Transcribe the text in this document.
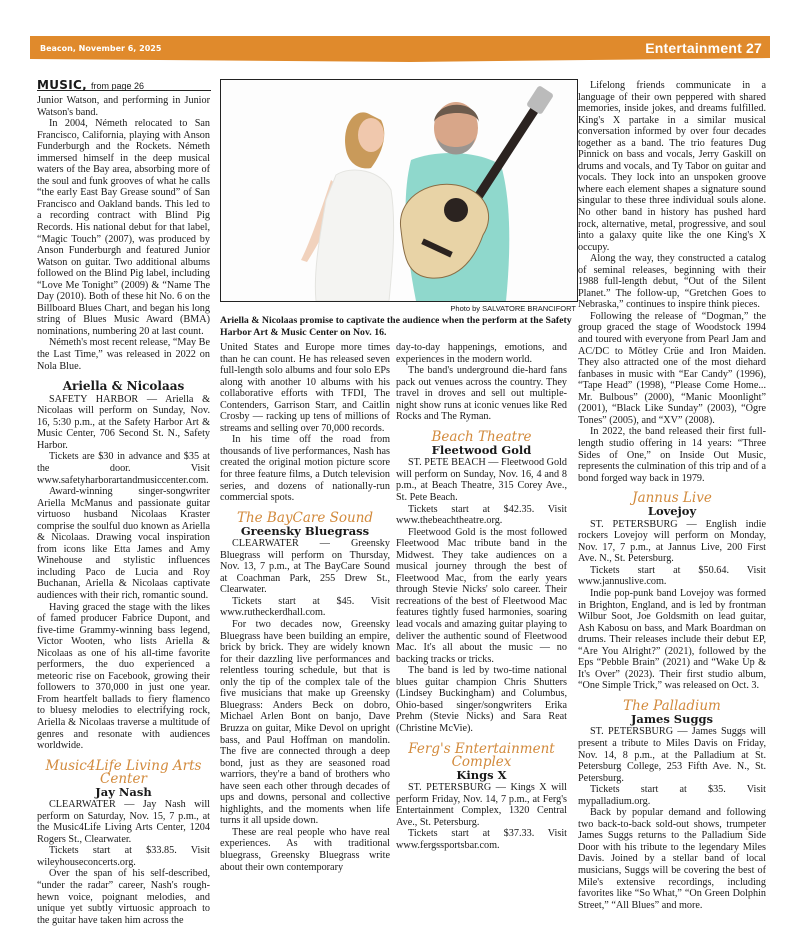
Beacon, November 6, 2025	Entertainment 27
MUSIC, from page 26

Junior Watson, and performing in Junior Watson's band.

In 2004, Németh relocated to San Francisco, California, playing with Anson Funderburgh and the Rockets. Németh immersed himself in the deep musical waters of the Bay area, absorbing more of the soul and funk grooves of what he calls “the early East Bay Grease sound” of San Francisco and Oakland bands. This led to a recording contract with Blind Pig Records. His national debut for that label, “Magic Touch” (2007), was produced by Anson Funderburgh and featured Junior Watson on guitar. Two additional albums followed on the Blind Pig label, including “Love Me Tonight” (2009) & “Name The Day (2010). Both of these hit No. 6 on the Billboard Blues Chart, and began his long string of Blues Music Award (BMA) nominations, numbering 20 at last count.

Németh's most recent release, “May Be the Last Time,” was released in 2022 on Nola Blue.

Ariella & Nicolaas

SAFETY HARBOR — Ariella & Nicolaas will perform on Sunday, Nov. 16, 5:30 p.m., at the Safety Harbor Art & Music Center, 706 Second St. N., Safety Harbor.

Tickets are $30 in advance and $35 at the door. Visit www.safetyharborartandmusiccenter.com.

Award-winning singer-songwriter Ariella McManus and passionate guitar virtuoso husband Nicolaas Kraster comprise the soulful duo known as Ariella & Nicolaas. Drawing vocal inspiration from icons like Etta James and Amy Winehouse and stylistic influences including Paco de Lucia and Roy Buchanan, Ariella & Nicolaas captivate audiences with their rich, romantic sound.

Having graced the stage with the likes of famed producer Fabrice Dupont, and five-time Grammy-winning bass legend, Victor Wooten, who lists Ariella & Nicolaas as one of his all-time favorite performers, the duo experienced a meteoric rise on Facebook, growing their followers to 370,000 in just one year. From heartfelt ballads to fiery flamenco to bluesy melodies to electrifying rock, Ariella & Nicolaas traverse a multitude of genres and resonate with audiences worldwide.

Music4Life Living Arts Center
Jay Nash

CLEARWATER — Jay Nash will perform on Saturday, Nov. 15, 7 p.m., at the Music4Life Living Arts Center, 1204 Rogers St., Clearwater.

Tickets start at $33.85. Visit wileyhouseconcerts.org.

Over the span of his self-described, “under the radar” career, Nash's rough-hewn voice, poignant melodies, and unique yet subtly virtuosic approach to the guitar have taken him across the

United States and Europe more times than he can count. He has released seven full-length solo albums and four solo EPs along with another 10 albums with his collaborative efforts with TFDI, The Contenders, Garrison Starr, and Caitlin Crosby — racking up tens of millions of streams and selling over 70,000 records.

In his time off the road from thousands of live performances, Nash has created the original motion picture score for three feature films, a Dutch television series, and dozens of nationally-run commercial spots.

The BayCare Sound
Greensky Bluegrass

CLEARWATER — Greensky Bluegrass will perform on Thursday, Nov. 13, 7 p.m., at The BayCare Sound at Coachman Park, 255 Drew St., Clearwater.

Tickets start at $45. Visit www.rutheckerdhall.com.

For two decades now, Greensky Bluegrass have been building an empire, brick by brick. They are widely known for their dazzling live performances and relentless touring schedule, but that is only the tip of the complex tale of the five musicians that make up Greensky Bluegrass: Anders Beck on dobro, Michael Arlen Bont on banjo, Dave Bruzza on guitar, Mike Devol on upright bass, and Paul Hoffman on mandolin. The five are connected through a deep bond, just as they are seasoned road warriors, they're a band of brothers who have seen each other through decades of ups and downs, personal and collective highlights, and the moments when life turns it all upside down.

These are real people who have real experiences. As with traditional bluegrass, Greensky Bluegrass write about their own contemporary

day-to-day happenings, emotions, and experiences in the modern world.

The band's underground die-hard fans pack out venues across the country. They travel in droves and sell out multiple-night show runs at iconic venues like Red Rocks and The Ryman.

Beach Theatre
Fleetwood Gold

ST. PETE BEACH — Fleetwood Gold will perform on Sunday, Nov. 16, 4 and 8 p.m., at Beach Theatre, 315 Corey Ave., St. Pete Beach.

Tickets start at $42.35. Visit www.thebeachtheatre.org.

Fleetwood Gold is the most followed Fleetwood Mac tribute band in the Midwest. They take audiences on a musical journey through the best of Fleetwood Mac, from the early years through Stevie Nicks' solo career. Their recreations of the best of Fleetwood Mac features tightly fused harmonies, soaring lead vocals and amazing guitar playing to deliver the authentic sound of Fleetwood Mac. It's all about the music — no backing tracks or tricks.

The band is led by two-time national blues guitar champion Chris Shutters (Lindsey Buckingham) and Columbus, Ohio-based singer/songwriters Erika Prehm (Stevie Nicks) and Sara Reat (Christine McVie).

Ferg's Entertainment Complex
Kings X

ST. PETERSBURG — Kings X will perform Friday, Nov. 14, 7 p.m., at Ferg's Entertainment Complex, 1320 Central Ave., St. Petersburg.

Tickets start at $37.33. Visit www.fergssportsbar.com.

Lifelong friends communicate in a language of their own peppered with shared memories, inside jokes, and dreams fulfilled. King's X partake in a similar musical conversation informed by over four decades together as a band. The trio features Dug Pinnick on bass and vocals, Jerry Gaskill on drums and vocals, and Ty Tabor on guitar and vocals. They lock into an unspoken groove where each element shapes a signature sound singular to these three individual souls alone. No other band in history has pushed hard rock, alternative, metal, progressive, and soul into a galaxy quite like the one King's X occupy.

Along the way, they constructed a catalog of seminal releases, beginning with their 1988 full-length debut, “Out of the Silent Planet.” The follow-up, “Gretchen Goes to Nebraska,” continues to inspire think pieces.

Following the release of “Dogman,” the group graced the stage of Woodstock 1994 and toured with everyone from Pearl Jam and AC/DC to Mötley Crüe and Iron Maiden. They also attracted one of the most diehard fanbases in music with “Ear Candy” (1996), “Tape Head” (1998), “Please Come Home... Mr. Bulbous” (2000), “Manic Moonlight” (2001), “Black Like Sunday” (2003), “Ogre Tones” (2005), and “XV” (2008).

In 2022, the band released their first full-length studio offering in 14 years: “Three Sides of One,” on Inside Out Music, represents the culmination of this trip and of a bond forged way back in 1979.

Jannus Live
Lovejoy

ST. PETERSBURG — English indie rockers Lovejoy will perform on Monday, Nov. 17, 7 p.m., at Jannus Live, 200 First Ave. N., St. Petersburg.

Tickets start at $50.64. Visit www.jannuslive.com.

Indie pop-punk band Lovejoy was formed in Brighton, England, and is led by frontman Wilbur Soot, Joe Goldsmith on lead guitar, Ash Kabosu on bass, and Mark Boardman on drums. Their releases include their debut EP, “Are You Alright?” (2021), followed by the Eps “Pebble Brain” (2021) and “Wake Up & It's Over” (2023). Their first studio album, “One Simple Trick,” was released on Oct. 3.

The Palladium
James Suggs

ST. PETERSBURG — James Suggs will present a tribute to Miles Davis on Friday, Nov. 14, 8 p.m., at the Palladium at St. Petersburg College, 253 Fifth Ave. N., St. Petersburg.

Tickets start at $35. Visit mypalladium.org.

Back by popular demand and following two back-to-back sold-out shows, trumpeter James Suggs returns to the Palladium Side Door with his tribute to the legendary Miles Davis. Joined by a stellar band of local musicians, Suggs will be covering the best of Mile's extensive recordings, including favorites like “So What,” “On Green Dolphin Street,” “All Blues” and more.

Photo by SALVATORE BRANCIFORT
Ariella & Nicolaas promise to captivate the audience when the perform at the Safety Harbor Art & Music Center on Nov. 16.
